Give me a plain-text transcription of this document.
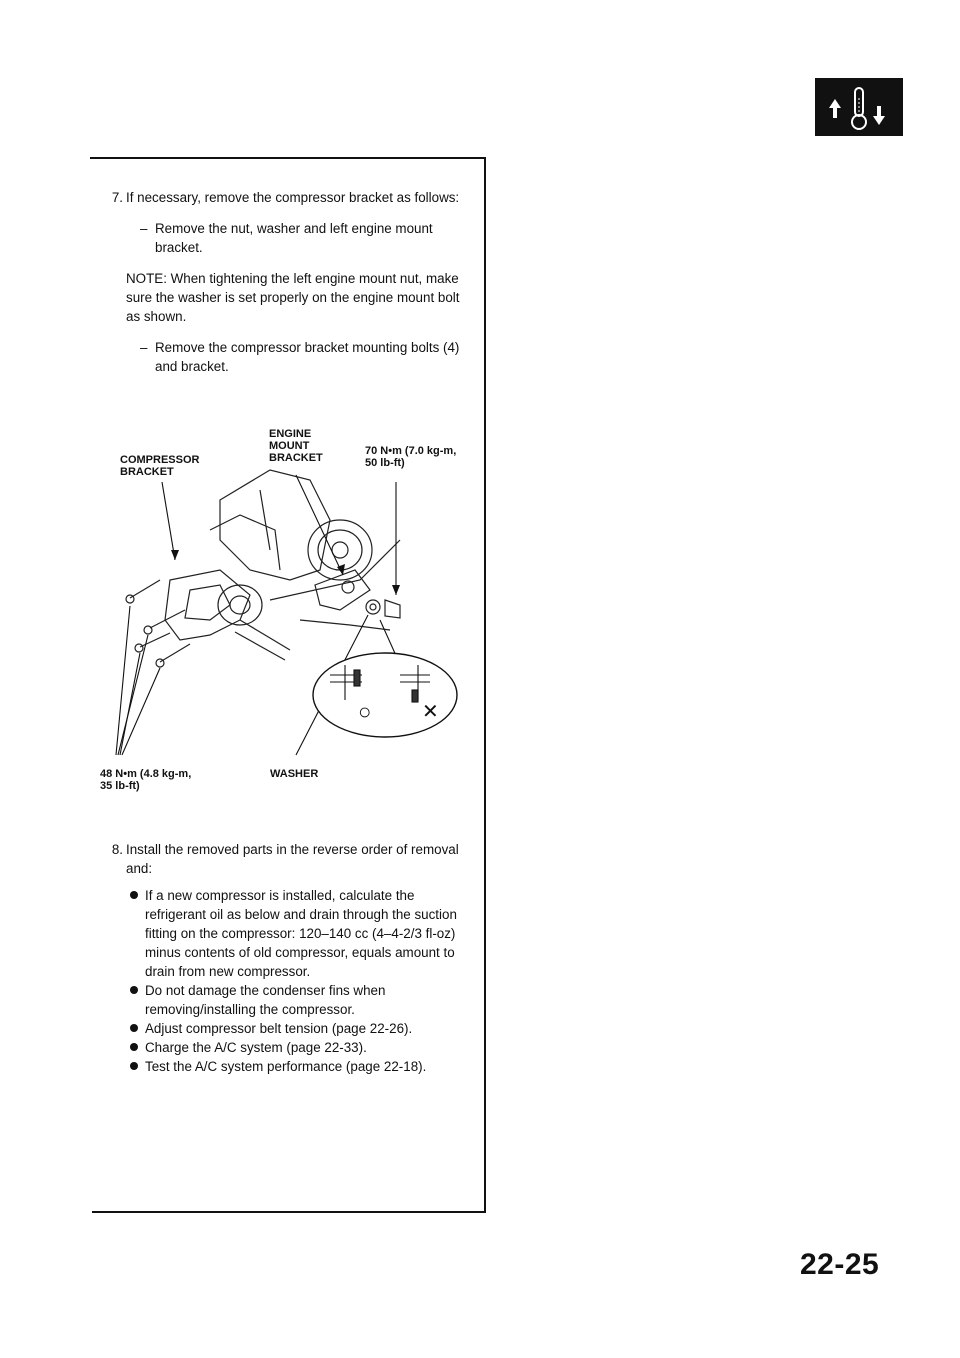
7. If necessary, remove the compressor bracket as follows:

– Remove the nut, washer and left engine mount bracket.

NOTE: When tightening the left engine mount nut, make sure the washer is set properly on the engine mount bolt as shown.

– Remove the compressor bracket mounting bolts (4) and bracket.
COMPRESSOR
BRACKET
ENGINE
MOUNT
BRACKET
70 N•m (7.0 kg-m,
50 lb-ft)
48 N•m (4.8 kg-m,
35 lb-ft)
WASHER
○	✕
8. Install the removed parts in the reverse order of removal and:

If a new compressor is installed, calculate the refrigerant oil as below and drain through the suction fitting on the compressor: 120–140 cc (4–4-2/3 fl-oz) minus contents of old compressor, equals amount to drain from new compressor.
Do not damage the condenser fins when removing/installing the compressor.
Adjust compressor belt tension (page 22-26).
Charge the A/C system (page 22-33).
Test the A/C system performance (page 22-18).
22-25
